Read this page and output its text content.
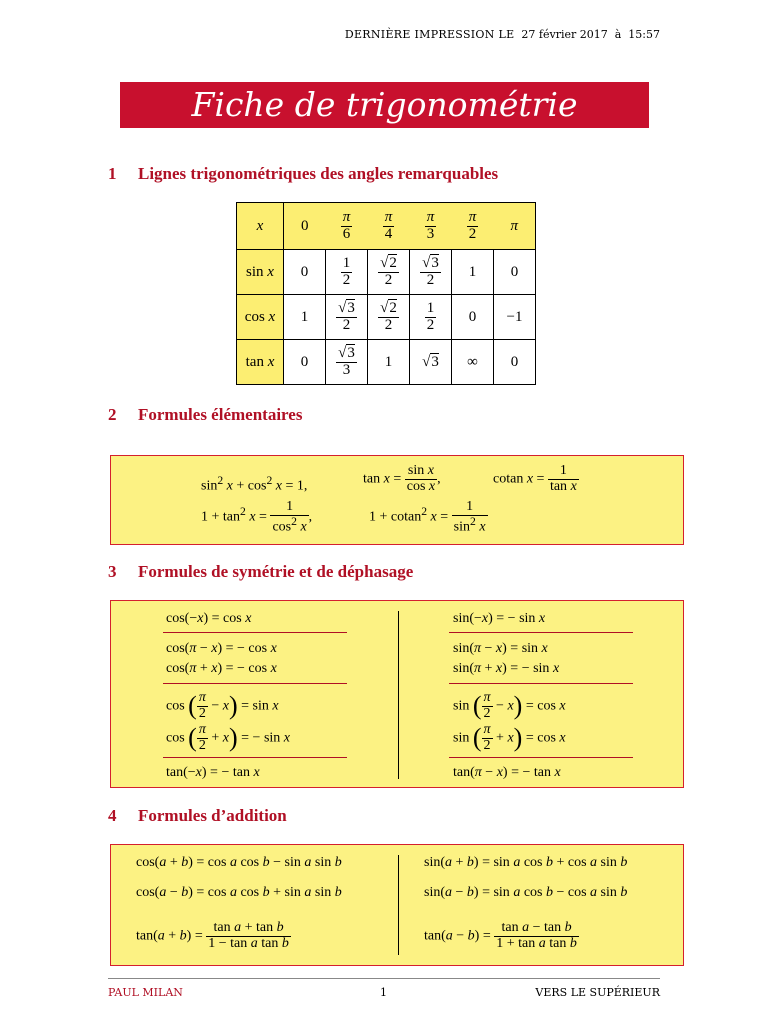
DERNIÈRE IMPRESSION LE 27 février 2017 à 15:57
Fiche de trigonométrie
1 Lignes trigonométriques des angles remarquables
x	0	$\frac{\pi}{6}$	$\frac{\pi}{4}$	$\frac{\pi}{3}$	$\frac{\pi}{2}$	π
sin x	0	$\frac{1}{2}$	$\frac{√2}{2}$	$\frac{√3}{2}$	1	0
cos x	1	$\frac{√3}{2}$	$\frac{√2}{2}$	$\frac{1}{2}$	0	−1
tan x	0	$\frac{√3}{3}$	1	√3	∞	0
2 Formules élémentaires
$\sin^2 x + \cos^2 x = 1$,	$\tan x = \frac{\text{sin x}}{\text{cos x}}$ ,	cotan $x = \frac{1}{\text{tan x}}$
$1 + \tan^2 x = \frac{1}{\cos^2 x}$ ,	1 + cotan$^2$ $x = \frac{1}{\sin^2 x}$
3 Formules de symétrie et de déphasage
cos(−x) = cos x
cos(π − x) = − cos x
cos(π + x) = − cos x
cos ( $\frac{\pi}{2} - x) = \sin x$
cos ( $\frac{\pi}{2} + x$) = − sin x
tan(−x) = − tan x
sin(−x) = − sin x
sin(π − x) = sin x
sin(π + x) = − sin x
sin ( $\frac{\pi}{2} - x) = \cos x$
sin ( $\frac{\pi}{2} + x) = \cos x$
tan(π − x) = − tan x
4 Formules d’addition
cos(a + b) = cos a cos b − sin a sin b
cos(a − b) = cos a cos b + sin a sin b
$\tan(a + b) = \frac{\text{tan a + tan b}}{\text{1 − tan a tan b}}$
sin(a + b) = sin a cos b + cos a sin b
sin(a − b) = sin a cos b − cos a sin b
$\tan(a - b) = \frac{\text{tan a − tan b}}{\text{1 + tan a tan b}}$
PAUL MILAN	1	VERS LE SUPÉRIEUR
